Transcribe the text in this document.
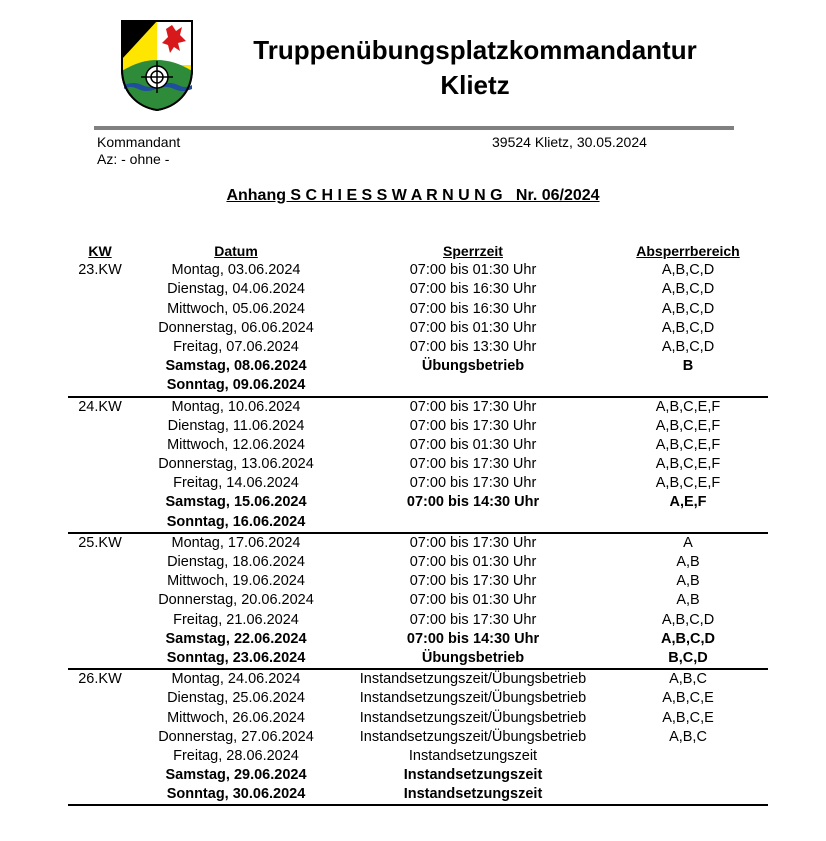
Truppenübungsplatzkommandantur
Klietz
Kommandant
Az: - ohne -
39524 Klietz, 30.05.2024
Anhang S C H I E S S W A R N U N G   Nr. 06/2024
KW	Datum	Sperrzeit	Absperrbereich
23.KW	Montag, 03.06.2024	07:00 bis 01:30 Uhr	A,B,C,D
Dienstag, 04.06.2024	07:00 bis 16:30 Uhr	A,B,C,D
Mittwoch, 05.06.2024	07:00 bis 16:30 Uhr	A,B,C,D
Donnerstag, 06.06.2024	07:00 bis 01:30 Uhr	A,B,C,D
Freitag, 07.06.2024	07:00 bis 13:30 Uhr	A,B,C,D
Samstag, 08.06.2024	Übungsbetrieb	B
Sonntag, 09.06.2024
24.KW	Montag, 10.06.2024	07:00 bis 17:30 Uhr	A,B,C,E,F
Dienstag, 11.06.2024	07:00 bis 17:30 Uhr	A,B,C,E,F
Mittwoch, 12.06.2024	07:00 bis 01:30 Uhr	A,B,C,E,F
Donnerstag, 13.06.2024	07:00 bis 17:30 Uhr	A,B,C,E,F
Freitag, 14.06.2024	07:00 bis 17:30 Uhr	A,B,C,E,F
Samstag, 15.06.2024	07:00 bis 14:30 Uhr	A,E,F
Sonntag, 16.06.2024
25.KW	Montag, 17.06.2024	07:00 bis 17:30 Uhr	A
Dienstag, 18.06.2024	07:00 bis 01:30 Uhr	A,B
Mittwoch, 19.06.2024	07:00 bis 17:30 Uhr	A,B
Donnerstag, 20.06.2024	07:00 bis 01:30 Uhr	A,B
Freitag, 21.06.2024	07:00 bis 17:30 Uhr	A,B,C,D
Samstag, 22.06.2024	07:00 bis 14:30 Uhr	A,B,C,D
Sonntag, 23.06.2024	Übungsbetrieb	B,C,D
26.KW	Montag, 24.06.2024	Instandsetzungszeit/Übungsbetrieb	A,B,C
Dienstag, 25.06.2024	Instandsetzungszeit/Übungsbetrieb	A,B,C,E
Mittwoch, 26.06.2024	Instandsetzungszeit/Übungsbetrieb	A,B,C,E
Donnerstag, 27.06.2024	Instandsetzungszeit/Übungsbetrieb	A,B,C
Freitag, 28.06.2024	Instandsetzungszeit
Samstag, 29.06.2024	Instandsetzungszeit
Sonntag, 30.06.2024	Instandsetzungszeit
